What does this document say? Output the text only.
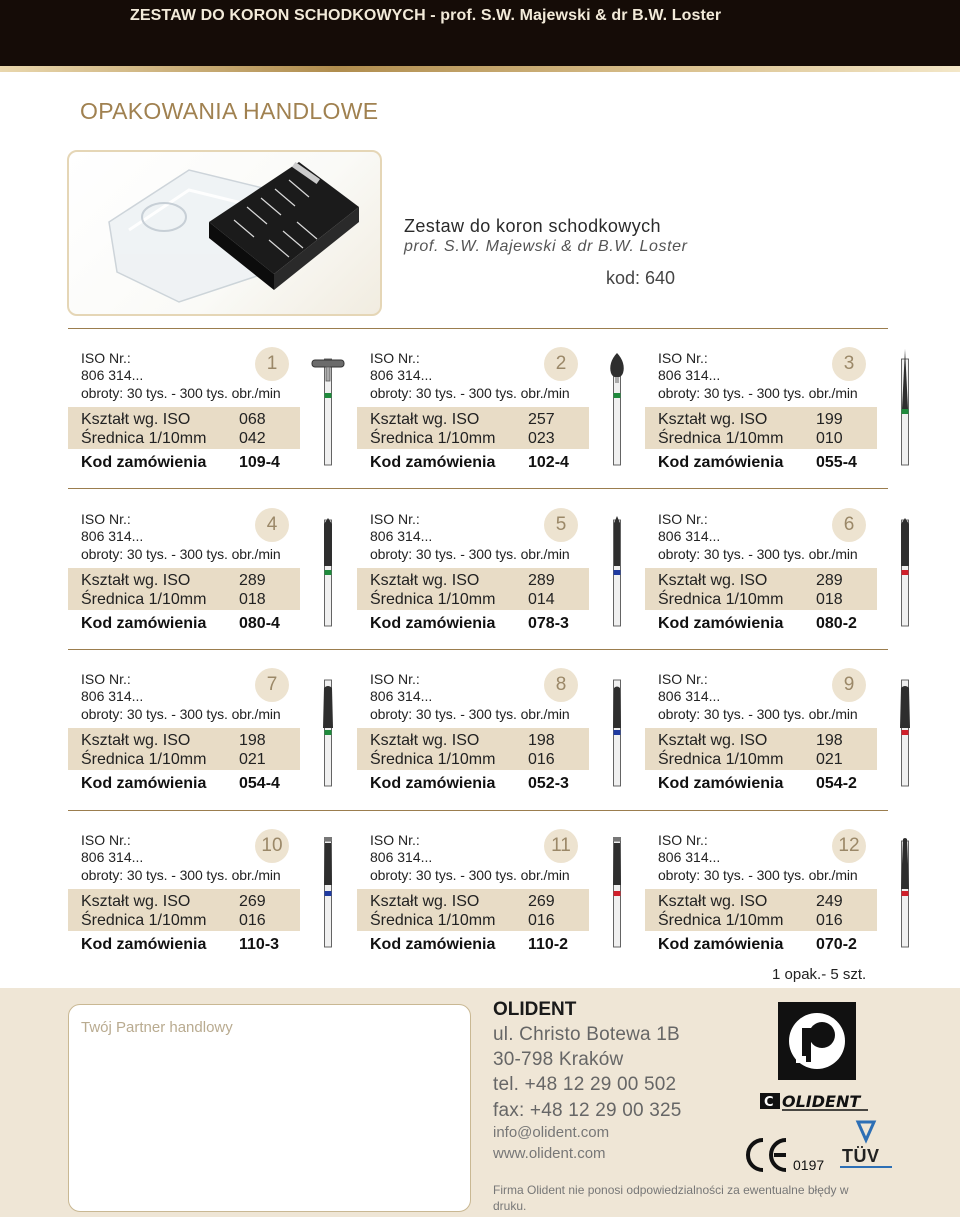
ZESTAW DO KORON SCHODKOWYCH - prof. S.W. Majewski & dr B.W. Loster
OPAKOWANIA HANDLOWE
Zestaw do koron schodkowych
prof. S.W. Majewski & dr B.W. Loster
kod: 640
ISO Nr.:
806 314...
obroty: 30 tys. - 300 tys. obr./min
1
Kształt wg. ISO	068
Średnica 1/10mm 042
Kod zamówienia 109-4
ISO Nr.:
806 314...
obroty: 30 tys. - 300 tys. obr./min
2
Kształt wg. ISO	257
Średnica 1/10mm 023
Kod zamówienia 102-4
ISO Nr.:
806 314...
obroty: 30 tys. - 300 tys. obr./min
3
Kształt wg. ISO	199
Średnica 1/10mm 010
Kod zamówienia 055-4
ISO Nr.:
806 314...
obroty: 30 tys. - 300 tys. obr./min
4
Kształt wg. ISO	289
Średnica 1/10mm 018
Kod zamówienia 080-4
ISO Nr.:
806 314...
obroty: 30 tys. - 300 tys. obr./min
5
Kształt wg. ISO	289
Średnica 1/10mm 014
Kod zamówienia 078-3
ISO Nr.:
806 314...
obroty: 30 tys. - 300 tys. obr./min
6
Kształt wg. ISO	289
Średnica 1/10mm 018
Kod zamówienia 080-2
ISO Nr.:
806 314...
obroty: 30 tys. - 300 tys. obr./min
7
Kształt wg. ISO	198
Średnica 1/10mm 021
Kod zamówienia 054-4
ISO Nr.:
806 314...
obroty: 30 tys. - 300 tys. obr./min
8
Kształt wg. ISO	198
Średnica 1/10mm 016
Kod zamówienia 052-3
ISO Nr.:
806 314...
obroty: 30 tys. - 300 tys. obr./min
9
Kształt wg. ISO	198
Średnica 1/10mm 021
Kod zamówienia 054-2
ISO Nr.:
806 314...
obroty: 30 tys. - 300 tys. obr./min
10
Kształt wg. ISO	269
Średnica 1/10mm 016
Kod zamówienia 110-3
ISO Nr.:
806 314...
obroty: 30 tys. - 300 tys. obr./min
11
Kształt wg. ISO	269
Średnica 1/10mm 016
Kod zamówienia 110-2
ISO Nr.:
806 314...
obroty: 30 tys. - 300 tys. obr./min
12
Kształt wg. ISO	249
Średnica 1/10mm 016
Kod zamówienia 070-2
1 opak.- 5 szt.
Twój Partner handlowy
OLIDENT
ul. Christo Botewa 1B
30-798 Kraków
tel. +48 12 29 00 502
fax: +48 12 29 00 325
info@olident.com
www.olident.com
Firma Olident nie ponosi odpowiedzialności za ewentualne błędy w druku.
C OLIDENT
0197 TÜV
